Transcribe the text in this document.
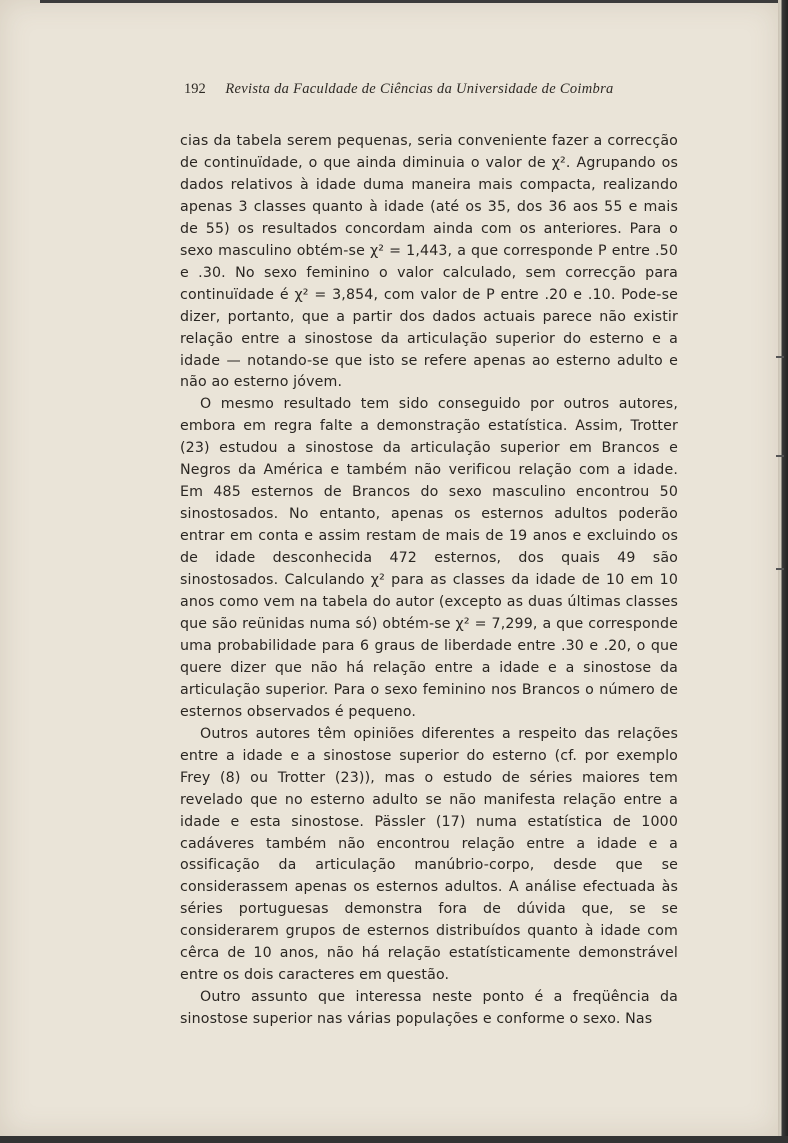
192 Revista da Faculdade de Ciências da Universidade de Coimbra

cias da tabela serem pequenas, seria conveniente fazer a correcção de continuïdade, o que ainda diminuia o valor de χ². Agrupando os dados relativos à idade duma maneira mais compacta, realizando apenas 3 classes quanto à idade (até os 35, dos 36 aos 55 e mais de 55) os resultados concordam ainda com os anteriores. Para o sexo masculino obtém-se χ² = 1,443, a que corresponde P entre .50 e .30. No sexo feminino o valor calculado, sem correcção para continuïdade é χ² = 3,854, com valor de P entre .20 e .10. Pode-se dizer, portanto, que a partir dos dados actuais parece não existir relação entre a sinostose da articulação superior do esterno e a idade — notando-se que isto se refere apenas ao esterno adulto e não ao esterno jóvem.

O mesmo resultado tem sido conseguido por outros autores, embora em regra falte a demonstração estatística. Assim, Trotter (23) estudou a sinostose da articulação superior em Brancos e Negros da América e também não verificou relação com a idade. Em 485 esternos de Brancos do sexo masculino encontrou 50 sinostosados. No entanto, apenas os esternos adultos poderão entrar em conta e assim restam de mais de 19 anos e excluindo os de idade desconhecida 472 esternos, dos quais 49 são sinostosados. Calculando χ² para as classes da idade de 10 em 10 anos como vem na tabela do autor (excepto as duas últimas classes que são reünidas numa só) obtém-se χ² = 7,299, a que corresponde uma probabilidade para 6 graus de liberdade entre .30 e .20, o que quere dizer que não há relação entre a idade e a sinostose da articulação superior. Para o sexo feminino nos Brancos o número de esternos observados é pequeno.

Outros autores têm opiniões diferentes a respeito das relações entre a idade e a sinostose superior do esterno (cf. por exemplo Frey (8) ou Trotter (23)), mas o estudo de séries maiores tem revelado que no esterno adulto se não manifesta relação entre a idade e esta sinostose. Pässler (17) numa estatística de 1000 cadáveres também não encontrou relação entre a idade e a ossificação da articulação manúbrio-corpo, desde que se considerassem apenas os esternos adultos. A análise efectuada às séries portuguesas demonstra fora de dúvida que, se se considerarem grupos de esternos distribuídos quanto à idade com cêrca de 10 anos, não há relação estatísticamente demonstrável entre os dois caracteres em questão.

Outro assunto que interessa neste ponto é a freqüência da sinostose superior nas várias populações e conforme o sexo. Nas
